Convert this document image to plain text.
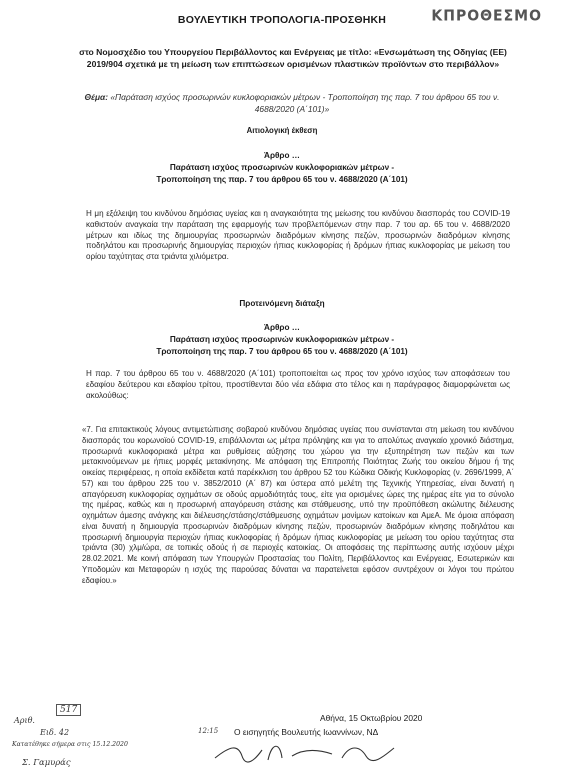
ΒΟΥΛΕΥΤΙΚΗ ΤΡΟΠΟΛΟΓΙΑ-ΠΡΟΣΘΗΚΗ	ΚΠΡΟΘΕΣΜΟ
στο Νομοσχέδιο του Υπουργείου Περιβάλλοντος και Ενέργειας με τίτλο: «Ενσωμάτωση της Οδηγίας (ΕΕ) 2019/904 σχετικά με τη μείωση των επιπτώσεων ορισμένων πλαστικών προϊόντων στο περιβάλλον»
Θέμα: «Παράταση ισχύος προσωρινών κυκλοφοριακών μέτρων - Τροποποίηση της παρ. 7 του άρθρου 65 του ν. 4688/2020 (Α΄101)»
Αιτιολογική έκθεση
Άρθρο …
Παράταση ισχύος προσωρινών κυκλοφοριακών μέτρων -
Τροποποίηση της παρ. 7 του άρθρου 65 του ν. 4688/2020 (Α΄101)
Η μη εξάλειψη του κινδύνου δημόσιας υγείας και η αναγκαιότητα της μείωσης του κινδύνου διασποράς του COVID-19 καθιστούν αναγκαία την παράταση της εφαρμογής των προβλεπόμενων στην παρ. 7 του αρ. 65 του ν. 4688/2020 μέτρων και ιδίως της δημιουργίας προσωρινών διαδρόμων κίνησης πεζών, προσωρινών διαδρόμων κίνησης ποδηλάτου και προσωρινής δημιουργίας περιοχών ήπιας κυκλοφορίας ή δρόμων ήπιας κυκλοφορίας με μείωση του ορίου ταχύτητας στα τριάντα χιλιόμετρα.
Προτεινόμενη διάταξη
Άρθρο …
Παράταση ισχύος προσωρινών κυκλοφοριακών μέτρων -
Τροποποίηση της παρ. 7 του άρθρου 65 του ν. 4688/2020 (Α΄101)
Η παρ. 7 του άρθρου 65 του ν. 4688/2020 (Α΄101) τροποποιείται ως προς τον χρόνο ισχύος των αποφάσεων του εδαφίου δεύτερου και εδαφίου τρίτου, προστίθενται δύο νέα εδάφια στο τέλος και η παράγραφος διαμορφώνεται ως ακολούθως:
«7. Για επιτακτικούς λόγους αντιμετώπισης σοβαρού κινδύνου δημόσιας υγείας που συνίστανται στη μείωση του κινδύνου διασποράς του κορωνοϊού COVID-19, επιβάλλονται ως μέτρα πρόληψης και για το απολύτως αναγκαίο χρονικό διάστημα, προσωρινά κυκλοφοριακά μέτρα και ρυθμίσεις αύξησης του χώρου για την εξυπηρέτηση των πεζών και των μετακινούμενων με ήπιες μορφές μετακίνησης. Με απόφαση της Επιτροπής Ποιότητας Ζωής του οικείου δήμου ή της οικείας περιφέρειας, η οποία εκδίδεται κατά παρέκκλιση του άρθρου 52 του Κώδικα Οδικής Κυκλοφορίας (ν. 2696/1999, Α΄ 57) και του άρθρου 225 του ν. 3852/2010 (Α΄ 87) και ύστερα από μελέτη της Τεχνικής Υπηρεσίας, είναι δυνατή η απαγόρευση κυκλοφορίας οχημάτων σε οδούς αρμοδιότητάς τους, είτε για ορισμένες ώρες της ημέρας είτε για το σύνολο της ημέρας, καθώς και η προσωρινή απαγόρευση στάσης και στάθμευσης, υπό την προϋπόθεση ακώλυτης διέλευσης οχημάτων άμεσης ανάγκης και διέλευσης/στάσης/στάθμευσης οχημάτων μονίμων κατοίκων και ΑμεΑ. Με όμοια απόφαση είναι δυνατή η δημιουργία προσωρινών διαδρόμων κίνησης πεζών, προσωρινών διαδρόμων κίνησης ποδηλάτου και προσωρινή δημιουργία περιοχών ήπιας κυκλοφορίας ή δρόμων ήπιας κυκλοφορίας με μείωση του ορίου ταχύτητας στα τριάντα (30) χλμ/ώρα, σε τοπικές οδούς ή σε περιοχές κατοικίας. Οι αποφάσεις της περίπτωσης αυτής ισχύουν μέχρι 28.02.2021. Με κοινή απόφαση των Υπουργών Προστασίας του Πολίτη, Περιβάλλοντος και Ενέργειας, Εσωτερικών και Υποδομών και Μεταφορών η ισχύς της παρούσας δύναται να παρατείνεται εφόσον συντρέχουν οι λόγοι του πρώτου εδαφίου.»
Αθήνα, 15 Οκτωβρίου 2020
Ο εισηγητής Βουλευτής Ιωαννίνων, ΝΔ
Αριθ.
517
Ειδ. 42
Κατατέθηκε σήμερα στις 15.12.2020
12:15
Σ. Γαμυράς
